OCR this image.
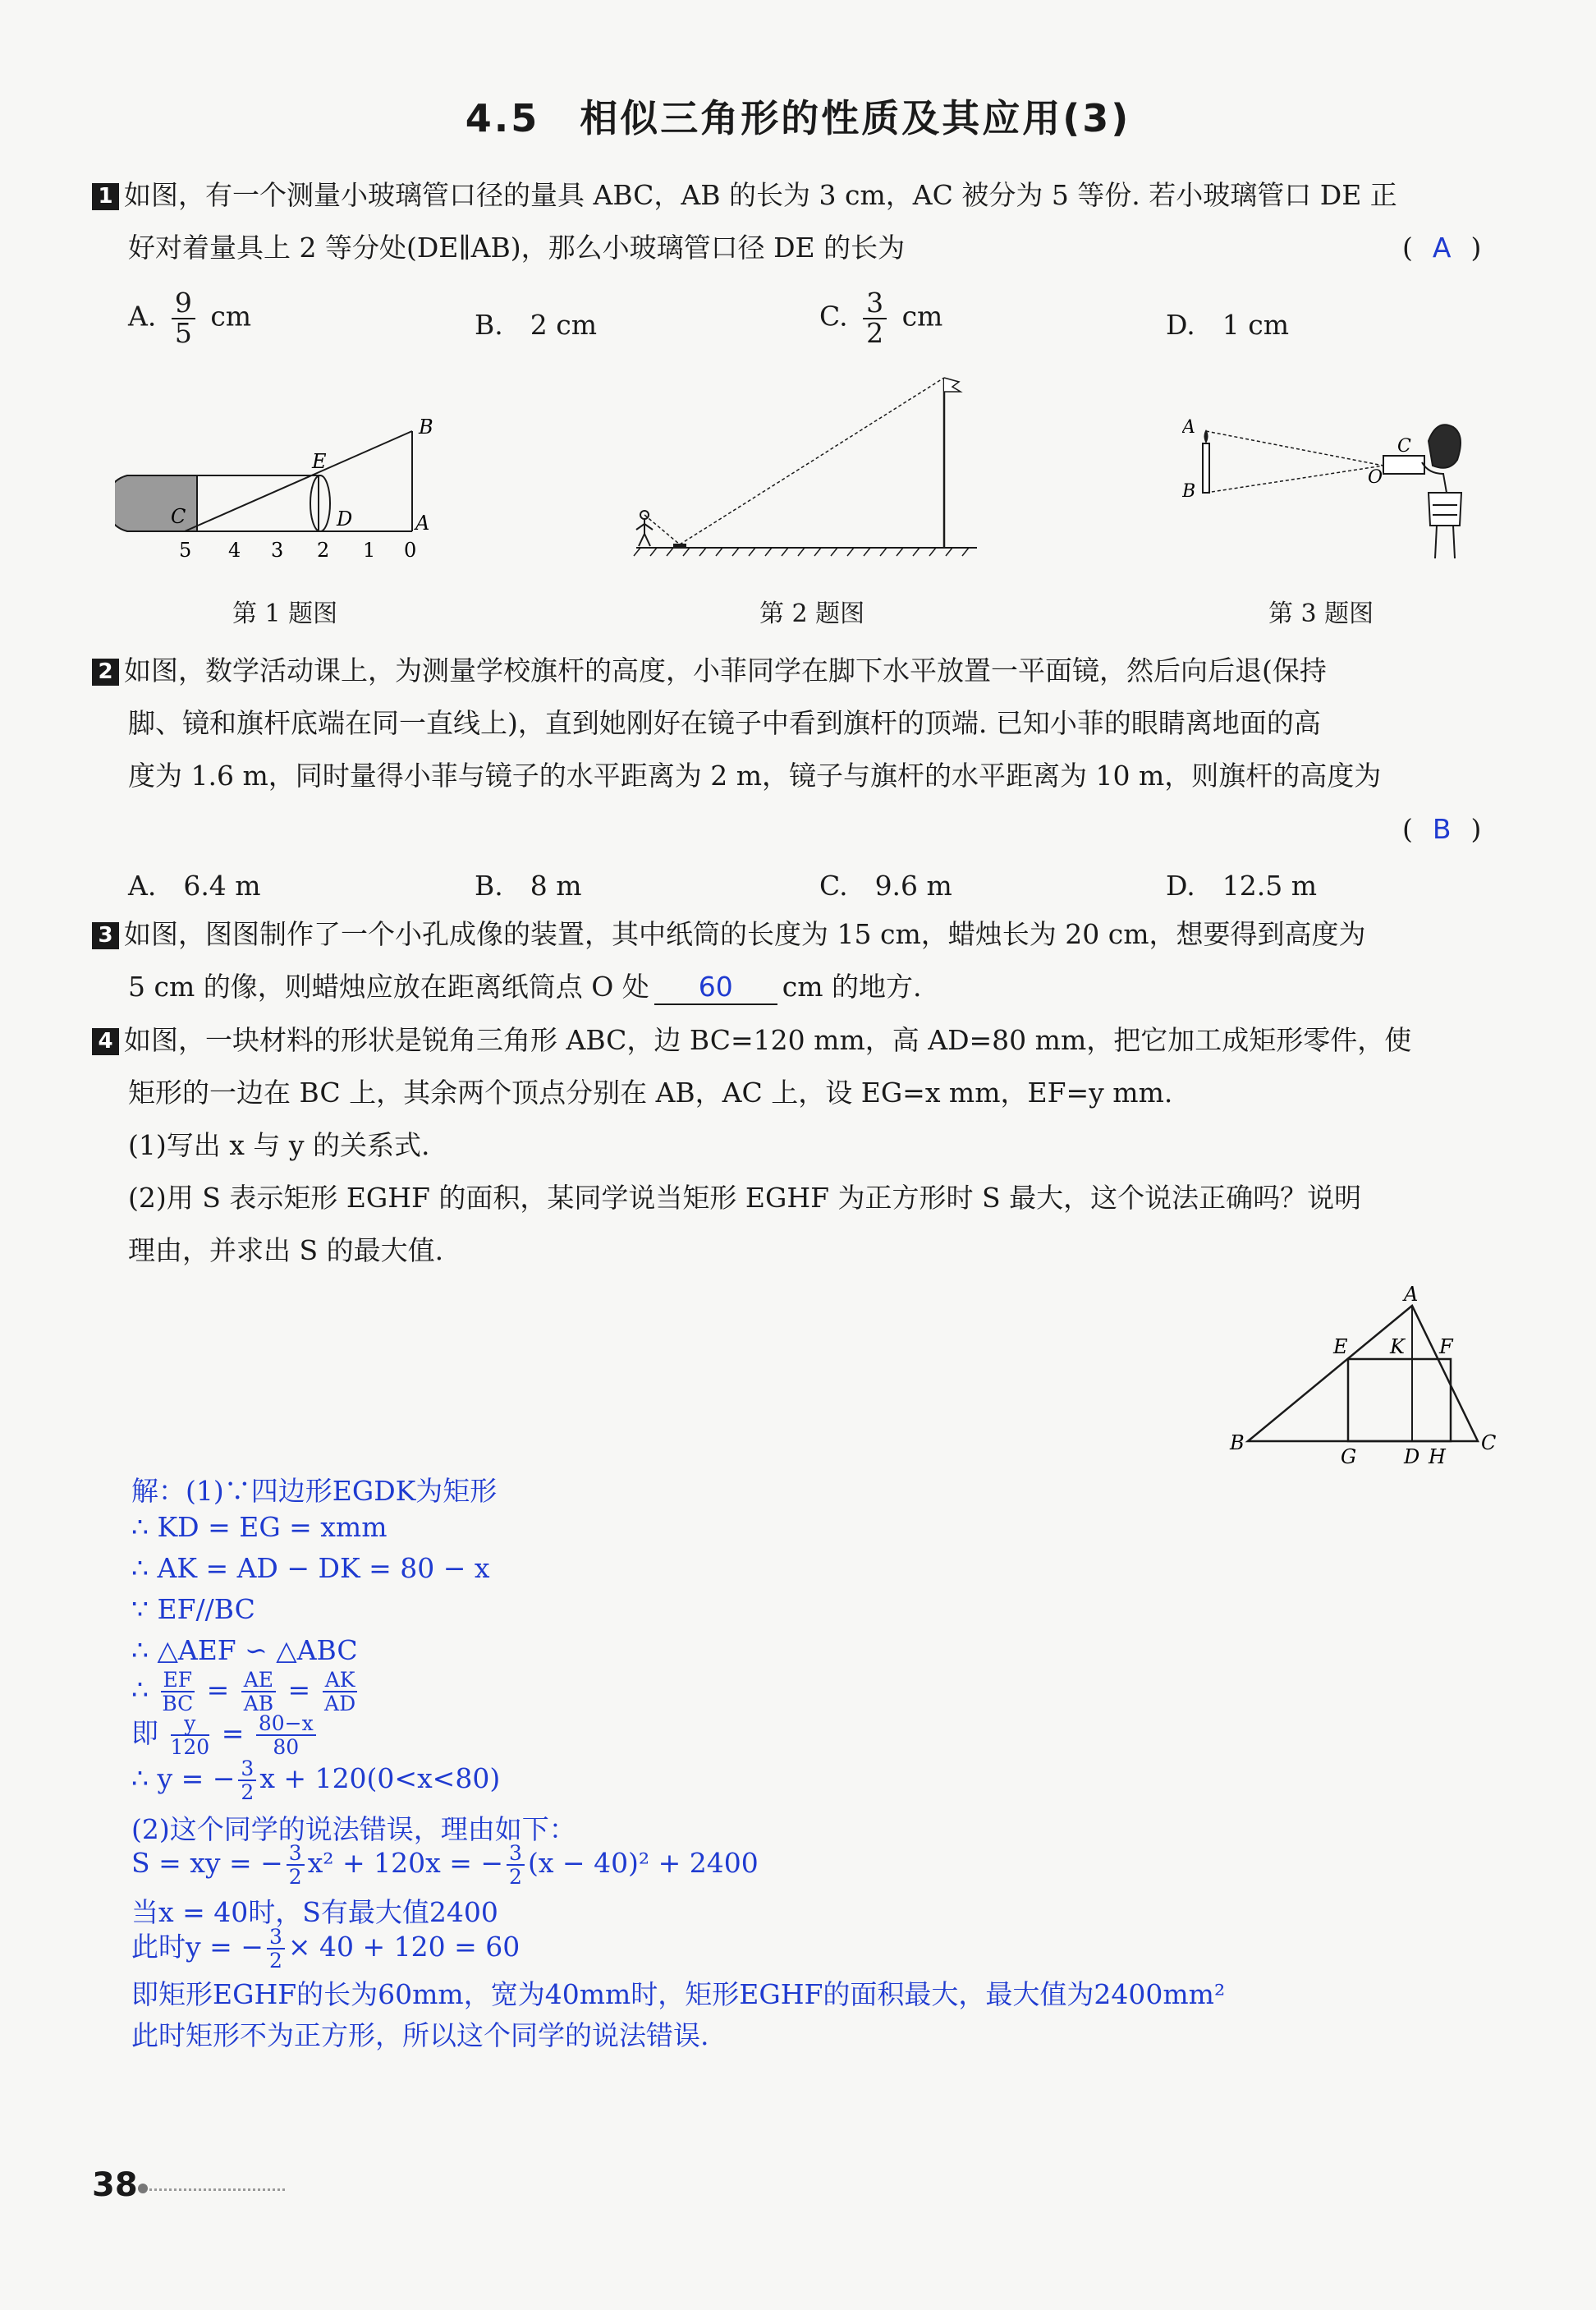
4.5　相似三角形的性质及其应用(3)
1 如图，有一个测量小玻璃管口径的量具 ABC，AB 的长为 3 cm，AC 被分为 5 等份. 若小玻璃管口 DE 正
好对着量具上 2 等分处(DE∥AB)，那么小玻璃管口径 DE 的长为	( A )
A. $\frac{9}{5}$ cm	B.　2 cm	C. $\frac{3}{2}$ cm	D.　1 cm
B
E
C	D	A
5 4 3 2 1 0
第 1 题图	第 2 题图
A
B
C
O
第 3 题图
2 如图，数学活动课上，为测量学校旗杆的高度，小菲同学在脚下水平放置一平面镜，然后向后退(保持
脚、镜和旗杆底端在同一直线上)，直到她刚好在镜子中看到旗杆的顶端. 已知小菲的眼睛离地面的高
度为 1.6 m，同时量得小菲与镜子的水平距离为 2 m，镜子与旗杆的水平距离为 10 m，则旗杆的高度为
( B )
A.　6.4 m	B.　8 m	C.　9.6 m	D.　12.5 m
3 如图，图图制作了一个小孔成像的装置，其中纸筒的长度为 15 cm，蜡烛长为 20 cm，想要得到高度为
5 cm 的像，则蜡烛应放在距离纸筒点 O 处 60 cm 的地方.
4 如图，一块材料的形状是锐角三角形 ABC，边 BC=120 mm，高 AD=80 mm，把它加工成矩形零件，使
矩形的一边在 BC 上，其余两个顶点分别在 AB，AC 上，设 EG=x mm，EF=y mm.
(1)写出 x 与 y 的关系式.
(2)用 S 表示矩形 EGHF 的面积，某同学说当矩形 EGHF 为正方形时 S 最大，这个说法正确吗？说明
理由，并求出 S 的最大值.
A
E K F
B
G D H
C
解：(1)∵四边形EGDK为矩形
∴ KD = EG = xmm
∴ AK = AD − DK = 80 − x
∵ EF//BC
∴ △AEF ∽ △ABC
∴ $\frac{EF}{BC} = \frac{AE}{AB} = \frac{AK}{AD}$
即 $\frac{y}{120} = \frac{80-x}{80}$
∴ y = − $\frac{3}{2}$ x + 120(0<x<80)
(2)这个同学的说法错误，理由如下：
S = xy = − $\frac{3}{2} x^2 + 120x$ = − $\frac{3}{2} (x - 40)^2 + 2400$
当x = 40时，S有最大值2400
此时y = − $\frac{3}{2} \times 40 + 120 = 60$
即矩形EGHF的长为60mm，宽为40mm时，矩形EGHF的面积最大，最大值为2400mm²
此时矩形不为正方形，所以这个同学的说法错误.
38
